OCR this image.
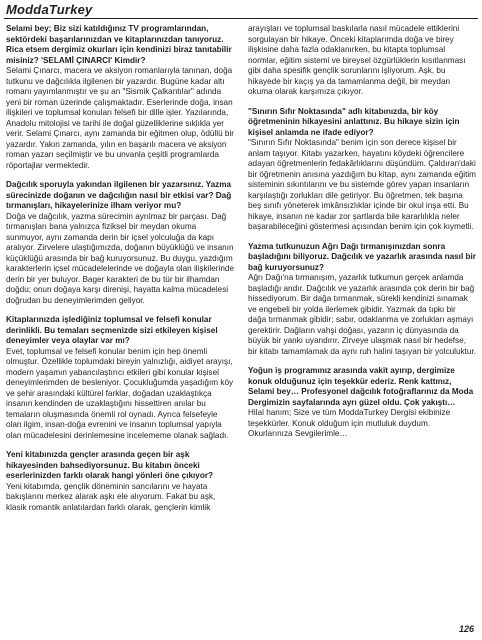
ModdaTurkey

Selami bey; Biz sizi katıldığınız TV programlarından, sektördeki başarılarınızdan ve kitaplarınızdan tanıyoruz. Rica etsem dergimiz okurları için kendinizi biraz tanıtabilir misiniz? 'SELAMİ ÇINARCI' Kimdir?

Selami Çınarcı, macera ve aksiyon romanlarıyla tanınan, doğa tutkunu ve dağcılıkla ilgilenen bir yazardır. Bugüne kadar altı romanı yayımlanmıştır ve şu an "Sismik Çalkantılar" adında yeni bir roman üzerinde çalışmaktadır. Eserlerinde doğa, insan ilişkileri ve toplumsal konuları felsefi bir dille işler. Yazılarında, Anadolu mitolojisi ve tarihi ile doğal güzelliklerine sıklıkla yer verir. Selami Çınarcı, aynı zamanda bir eğitmen olup, ödüllü bir yazardır. Yakın zamanda, yılın en başarılı macera ve aksiyon roman yazarı seçilmiştir ve bu unvanla çeşitli programlarda röportajlar vermektedir.

Dağcılık sporuyla yakından ilgilenen bir yazarsınız. Yazma sürecinizde doğanın ve dağcılığın nasıl bir etkisi var? Dağ tırmanışları, hikayelerinize ilham veriyor mu?

Doğa ve dağcılık, yazma sürecimin ayrılmaz bir parçası. Dağ tırmanışları bana yalnızca fiziksel bir meydan okuma sunmuyor, aynı zamanda derin bir içsel yolculuğa da kapı aralıyor. Zirvelere ulaştığımızda, doğanın büyüklüğü ve insanın küçüklüğü arasında bir bağ kuruyorsunuz. Bu duygu, yazdığım karakterlerin içsel mücadelelerinde ve doğayla olan ilişkilerinde derin bir yer buluyor. Bager karakteri de bu tür bir ilhamdan doğdu; onun doğaya karşı direnişi, hayatta kalma mücadelesi doğrudan bu deneyimlerimden geliyor.

Kitaplarınızda işlediğiniz toplumsal ve felsefi konular derinlikli. Bu temaları seçmenizde sizi etkileyen kişisel deneyimler veya olaylar var mı?

Evet, toplumsal ve felsefi konular benim için hep önemli olmuştur. Özellikle toplumdaki bireyin yalnızlığı, aidiyet arayışı, modern yaşamın yabancılaştırıcı etkileri gibi konular kişisel deneyimlerimden de besleniyor. Çocukluğumda yaşadığım köy ve şehir arasındaki kültürel farklar, doğadan uzaklaştıkça insanın kendinden de uzaklaştığını hissettiren anılar bu temaların oluşmasında önemli rol oynadı. Ayrıca felsefeyle olan ilgim, insan-doğa evrenini ve insanın toplumsal yapıyla olan mücadelesini derinlemesine incelememe olanak sağladı.

Yeni kitabınızda gençler arasında geçen bir aşk hikayesinden bahsediyorsunuz. Bu kitabın önceki eserlerinizden farklı olarak hangi yönleri öne çıkıyor?

Yeni kitabımda, gençlik döneminin sancılarını ve hayata bakışlarını merkez alarak aşkı ele alıyorum. Fakat bu aşk, klasik romantik anlatılardan farklı olarak, gençlerin kimlik

arayışları ve toplumsal baskılarla nasıl mücadele ettiklerini sorgulayan bir hikaye. Önceki kitaplarımda doğa ve birey ilişkisine daha fazla odaklanırken, bu kitapta toplumsal normlar, eğitim sistemi ve bireysel özgürlüklerin kısıtlanması gibi daha spesifik gençlik sorunlarını işliyorum. Aşk, bu hikayede bir kaçış ya da tamamlanma değil, bir meydan okuma olarak karşımıza çıkıyor.

"Sınırın Sıfır Noktasında" adlı kitabınızda, bir köy öğretmeninin hikayesini anlattınız. Bu hikaye sizin için kişisel anlamda ne ifade ediyor?

"Sınırın Sıfır Noktasında" benim için son derece kişisel bir anlam taşıyor. Kitabı yazarken, hayatını köydeki öğrencilere adayan öğretmenlerin fedakârlıklarını düşündüm. Çaldıran'daki bir öğretmenin anısına yazdığım bu kitap, aynı zamanda eğitim sisteminin sıkıntılarını ve bu sistemde görev yapan insanların karşılaştığı zorlukları dile getiriyor. Bu öğretmen, tek başına beş sınıfı yöneterek imkânsızlıklar içinde bir okul inşa etti. Bu hikaye, insanın ne kadar zor şartlarda bile kararlılıkla neler başarabileceğini göstermesi açısından benim için çok kıymetli.

Yazma tutkunuzun Ağrı Dağı tırmanışınızdan sonra başladığını biliyoruz. Dağcılık ve yazarlık arasında nasıl bir bağ kuruyorsunuz?

Ağrı Dağı'na tırmanışım, yazarlık tutkumun gerçek anlamda başladığı andır. Dağcılık ve yazarlık arasında çok derin bir bağ hissediyorum. Bir dağa tırmanmak, sürekli kendinizi sınamak ve engebeli bir yolda ilerlemek gibidir. Yazmak da tıpkı bir dağa tırmanmak gibidir; sabır, odaklanma ve zorlukları aşmayı gerektirir. Dağların vahşi doğası, yazarın iç dünyasında da büyük bir yankı uyandırır. Zirveye ulaşmak nasıl bir hedefse, bir kitabı tamamlamak da aynı ruh halini taşıyan bir yolculuktur.

Yoğun iş programınız arasında vakit ayırıp, dergimize konuk olduğunuz için teşekkür ederiz. Renk kattınız, Selami bey… Profesyonel dağcılık fotoğraflarınız da Moda Dergimizin sayfalarında ayrı güzel oldu. Çok yakıştı…

Hilal hanım; Size ve tüm ModdaTurkey Dergisi ekibinize teşekkürler. Konuk olduğum için mutluluk duydum. Okurlarınıza Sevgilerimle…

126
